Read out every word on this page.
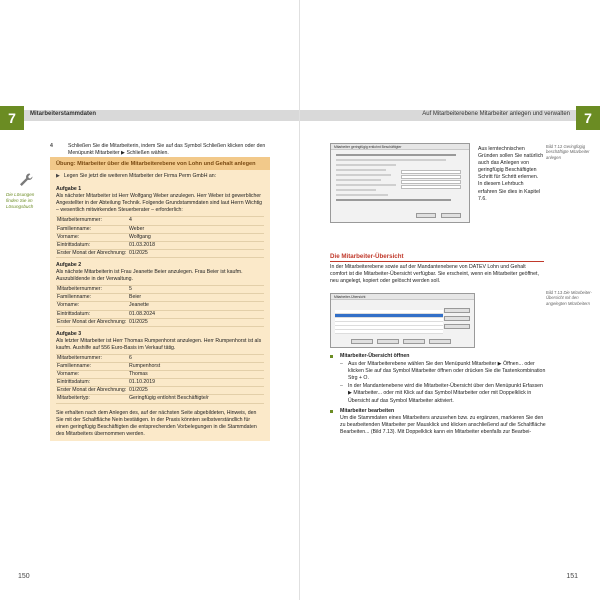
7	Mitarbeiterstammdaten
4	Schließen Sie die Mitarbeiterin, indem Sie auf das Symbol Schließen klicken oder den Menüpunkt Mitarbeiter ▶ Schließen wählen.
Die Lösungen finden Sie im Lösungsbuch
Übung: Mitarbeiter über die Mitarbeiterebene von Lohn und Gehalt anlegen
▶ Legen Sie jetzt die weiteren Mitarbeiter der Firma Perm GmbH an:
Aufgabe 1
Als nächster Mitarbeiter ist Herr Wolfgang Weber anzulegen. Herr Weber ist gewerblicher Angestellter in der Abteilung Technik. Folgende Grundstammdaten sind laut Herrn Wichtig – wesentlich mitwirkenden Steuerberater – erforderlich:
Mitarbeiternummer:	4
Familienname:	Weber
Vorname:	Wolfgang
Eintrittsdatum:	01.03.2018
Erster Monat der Abrechnung: 01/2025
Aufgabe 2
Als nächste Mitarbeiterin ist Frau Jeanette Beier anzulegen. Frau Beier ist kaufm. Auszubildende in der Verwaltung.
Mitarbeiternummer:	5
Familienname:	Beier
Vorname:	Jeanette
Eintrittsdatum:	01.08.2024
Erster Monat der Abrechnung: 01/2025
Aufgabe 3
Als letzter Mitarbeiter ist Herr Thomas Rumpenhorst anzulegen. Herr Rumpenhorst ist als kaufm. Aushilfe auf 556 Euro-Basis im Verkauf tätig.
Mitarbeiternummer:	6
Familienname:	Rumpenhorst
Vorname:	Thomas
Eintrittsdatum:	01.10.2019
Erster Monat der Abrechnung: 01/2025
Mitarbeitertyp:	Geringfügig entlohnt Beschäftigte/r
Sie erhalten nach dem Anlegen des, auf der nächsten Seite abgebildeten, Hinweis, den Sie mit der Schaltfläche Nein bestätigen. In der Praxis könnten selbstverständlich für einen geringfügig Beschäftigten die entsprechenden Vorbelegungen in die Stammdaten des Mitarbeiters übernommen werden.
150
7
Auf Mitarbeiterebene Mitarbeiter anlegen und verwalten
Mitarbeiter geringfügig entlohnt Beschäftigter	Aus lerntechnischen Gründen sollen Sie natürlich auch das Anlegen von geringfügig Beschäftigten Schritt für Schritt erlernen. In diesem Lehrbuch erfahren Sie dies in Kapitel 7.6.
Bild 7.12 Geringfügig beschäftigte Mitarbeiter anlegen
Die Mitarbeiter-Übersicht
In der Mitarbeiterebene sowie auf der Mandantenebene von DATEV Lohn und Gehalt comfort ist die Mitarbeiter-Übersicht verfügbar. Sie erscheint, wenn ein Mitarbeiter geöffnet, neu angelegt, kopiert oder gelöscht werden soll.
Mitarbeiter-Übersicht
Bild 7.13 Die Mitarbeiter-Übersicht mit den angelegten Mitarbeitern
Mitarbeiter-Übersicht öffnen
– Aus der Mitarbeiterebene wählen Sie den Menüpunkt Mitarbeiter ▶ Öffnen... oder klicken Sie auf das Symbol Mitarbeiter öffnen oder drücken Sie die Tastenkombination Strg + O.
– In der Mandantenebene wird die Mitarbeiter-Übersicht über den Menüpunkt Erfassen ▶ Mitarbeiter... oder mit Klick auf das Symbol Mitarbeiter oder mit Doppelklick in Übersicht auf das Symbol Mitarbeiter aktiviert.
Mitarbeiter bearbeiten
Um die Stammdaten eines Mitarbeiters anzusehen bzw. zu ergänzen, markieren Sie den zu bearbeitenden Mitarbeiter per Mausklick und klicken anschließend auf die Schaltfläche Bearbeiten... (Bild 7.13). Mit Doppelklick kann ein Mitarbeiter ebenfalls zur Bearbei-
151
